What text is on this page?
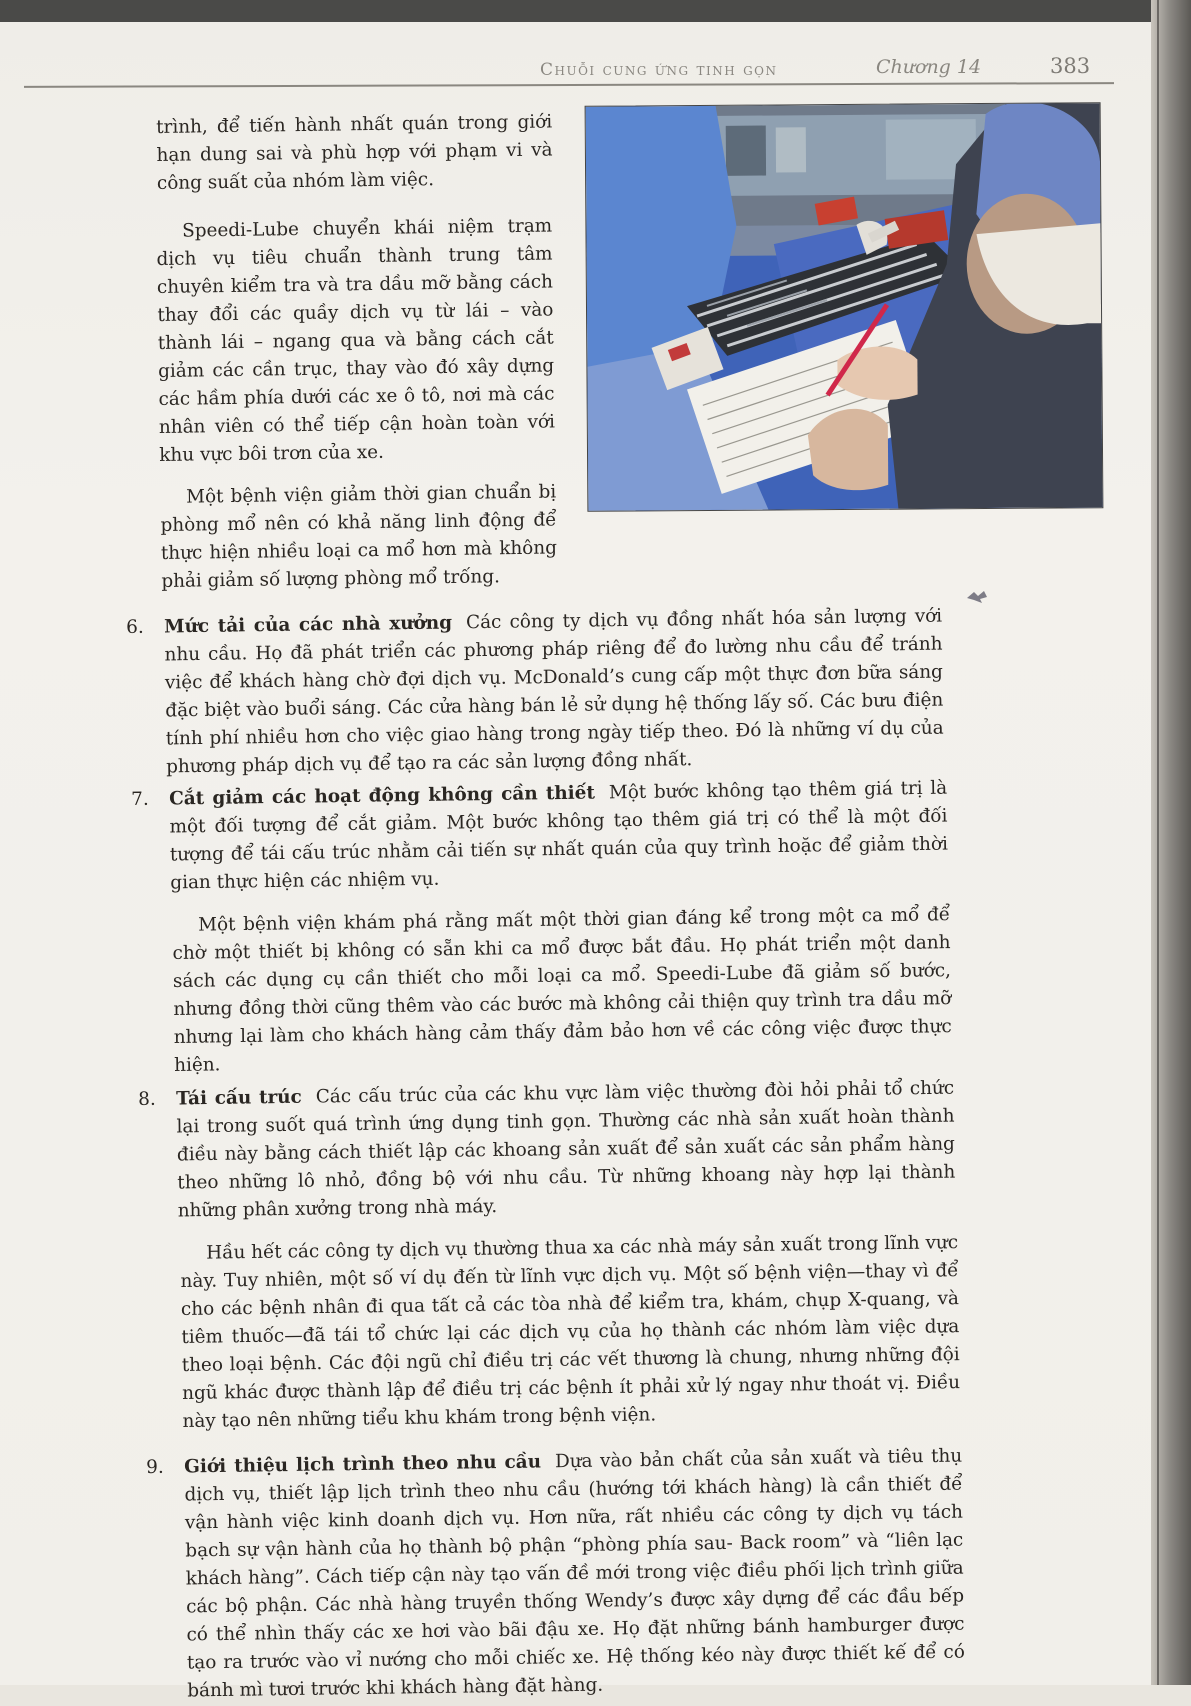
Chuỗi cung ứng tinh gọn	Chương 14	383

trình, để tiến hành nhất quán trong giới hạn dung sai và phù hợp với phạm vi và công suất của nhóm làm việc.

Speedi-Lube chuyển khái niệm trạm dịch vụ tiêu chuẩn thành trung tâm chuyên kiểm tra và tra dầu mỡ bằng cách thay đổi các quầy dịch vụ từ lái – vào thành lái – ngang qua và bằng cách cắt giảm các cần trục, thay vào đó xây dựng các hầm phía dưới các xe ô tô, nơi mà các nhân viên có thể tiếp cận hoàn toàn với khu vực bôi trơn của xe.

Một bệnh viện giảm thời gian chuẩn bị phòng mổ nên có khả năng linh động để thực hiện nhiều loại ca mổ hơn mà không phải giảm số lượng phòng mổ trống.

6. Mức tải của các nhà xưởng Các công ty dịch vụ đồng nhất hóa sản lượng với nhu cầu. Họ đã phát triển các phương pháp riêng để đo lường nhu cầu để tránh việc để khách hàng chờ đợi dịch vụ. McDonald’s cung cấp một thực đơn bữa sáng đặc biệt vào buổi sáng. Các cửa hàng bán lẻ sử dụng hệ thống lấy số. Các bưu điện tính phí nhiều hơn cho việc giao hàng trong ngày tiếp theo. Đó là những ví dụ của phương pháp dịch vụ để tạo ra các sản lượng đồng nhất.
7. Cắt giảm các hoạt động không cần thiết Một bước không tạo thêm giá trị là một đối tượng để cắt giảm. Một bước không tạo thêm giá trị có thể là một đối tượng để tái cấu trúc nhằm cải tiến sự nhất quán của quy trình hoặc để giảm thời gian thực hiện các nhiệm vụ.
Một bệnh viện khám phá rằng mất một thời gian đáng kể trong một ca mổ để chờ một thiết bị không có sẵn khi ca mổ được bắt đầu. Họ phát triển một danh sách các dụng cụ cần thiết cho mỗi loại ca mổ. Speedi-Lube đã giảm số bước, nhưng đồng thời cũng thêm vào các bước mà không cải thiện quy trình tra dầu mỡ nhưng lại làm cho khách hàng cảm thấy đảm bảo hơn về các công việc được thực hiện.
8. Tái cấu trúc Các cấu trúc của các khu vực làm việc thường đòi hỏi phải tổ chức lại trong suốt quá trình ứng dụng tinh gọn. Thường các nhà sản xuất hoàn thành điều này bằng cách thiết lập các khoang sản xuất để sản xuất các sản phẩm hàng theo những lô nhỏ, đồng bộ với nhu cầu. Từ những khoang này hợp lại thành những phân xưởng trong nhà máy.
Hầu hết các công ty dịch vụ thường thua xa các nhà máy sản xuất trong lĩnh vực này. Tuy nhiên, một số ví dụ đến từ lĩnh vực dịch vụ. Một số bệnh viện—thay vì để cho các bệnh nhân đi qua tất cả các tòa nhà để kiểm tra, khám, chụp X-quang, và tiêm thuốc—đã tái tổ chức lại các dịch vụ của họ thành các nhóm làm việc dựa theo loại bệnh. Các đội ngũ chỉ điều trị các vết thương là chung, nhưng những đội ngũ khác được thành lập để điều trị các bệnh ít phải xử lý ngay như thoát vị. Điều này tạo nên những tiểu khu khám trong bệnh viện.
9. Giới thiệu lịch trình theo nhu cầu Dựa vào bản chất của sản xuất và tiêu thụ dịch vụ, thiết lập lịch trình theo nhu cầu (hướng tới khách hàng) là cần thiết để vận hành việc kinh doanh dịch vụ. Hơn nữa, rất nhiều các công ty dịch vụ tách bạch sự vận hành của họ thành bộ phận “phòng phía sau- Back room” và “liên lạc khách hàng”. Cách tiếp cận này tạo vấn đề mới trong việc điều phối lịch trình giữa các bộ phận. Các nhà hàng truyền thống Wendy’s được xây dựng để các đầu bếp có thể nhìn thấy các xe hơi vào bãi đậu xe. Họ đặt những bánh hamburger được tạo ra trước vào vỉ nướng cho mỗi chiếc xe. Hệ thống kéo này được thiết kế để có bánh mì tươi trước khi khách hàng đặt hàng.
